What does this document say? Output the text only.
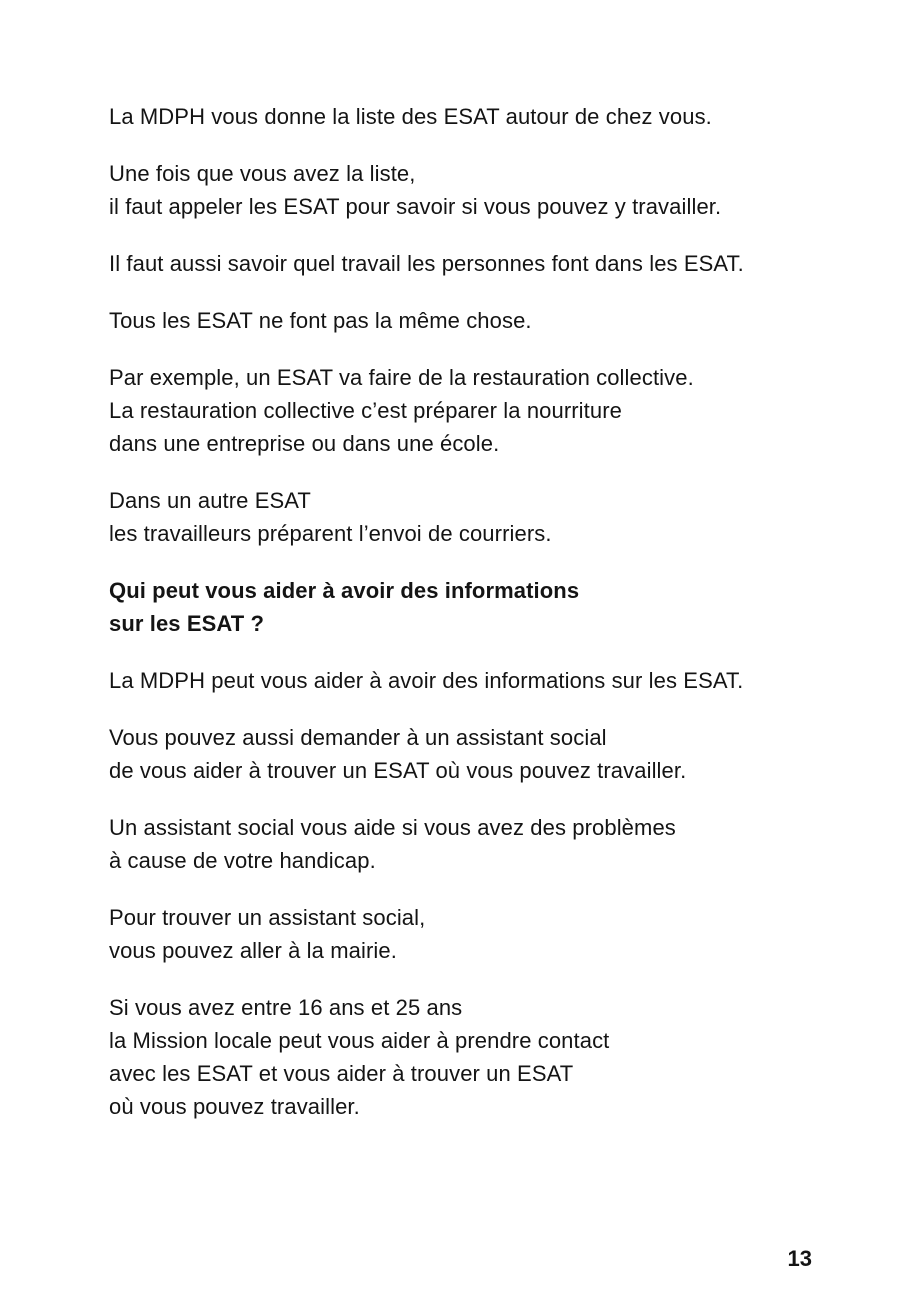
La MDPH vous donne la liste des ESAT autour de chez vous.
Une fois que vous avez la liste,
il faut appeler les ESAT pour savoir si vous pouvez y travailler.
Il faut aussi savoir quel travail les personnes font dans les ESAT.
Tous les ESAT ne font pas la même chose.
Par exemple, un ESAT va faire de la restauration collective.
La restauration collective c’est préparer la nourriture
dans une entreprise ou dans une école.
Dans un autre ESAT
les travailleurs préparent l’envoi de courriers.
Qui peut vous aider à avoir des informations
sur les ESAT ?
La MDPH peut vous aider à avoir des informations sur les ESAT.
Vous pouvez aussi demander à un assistant social
de vous aider à trouver un ESAT où vous pouvez travailler.
Un assistant social vous aide si vous avez des problèmes
à cause de votre handicap.
Pour trouver un assistant social,
vous pouvez aller à la mairie.
Si vous avez entre 16 ans et 25 ans
la Mission locale peut vous aider à prendre contact
avec les ESAT et vous aider à trouver un ESAT
où vous pouvez travailler.
13
